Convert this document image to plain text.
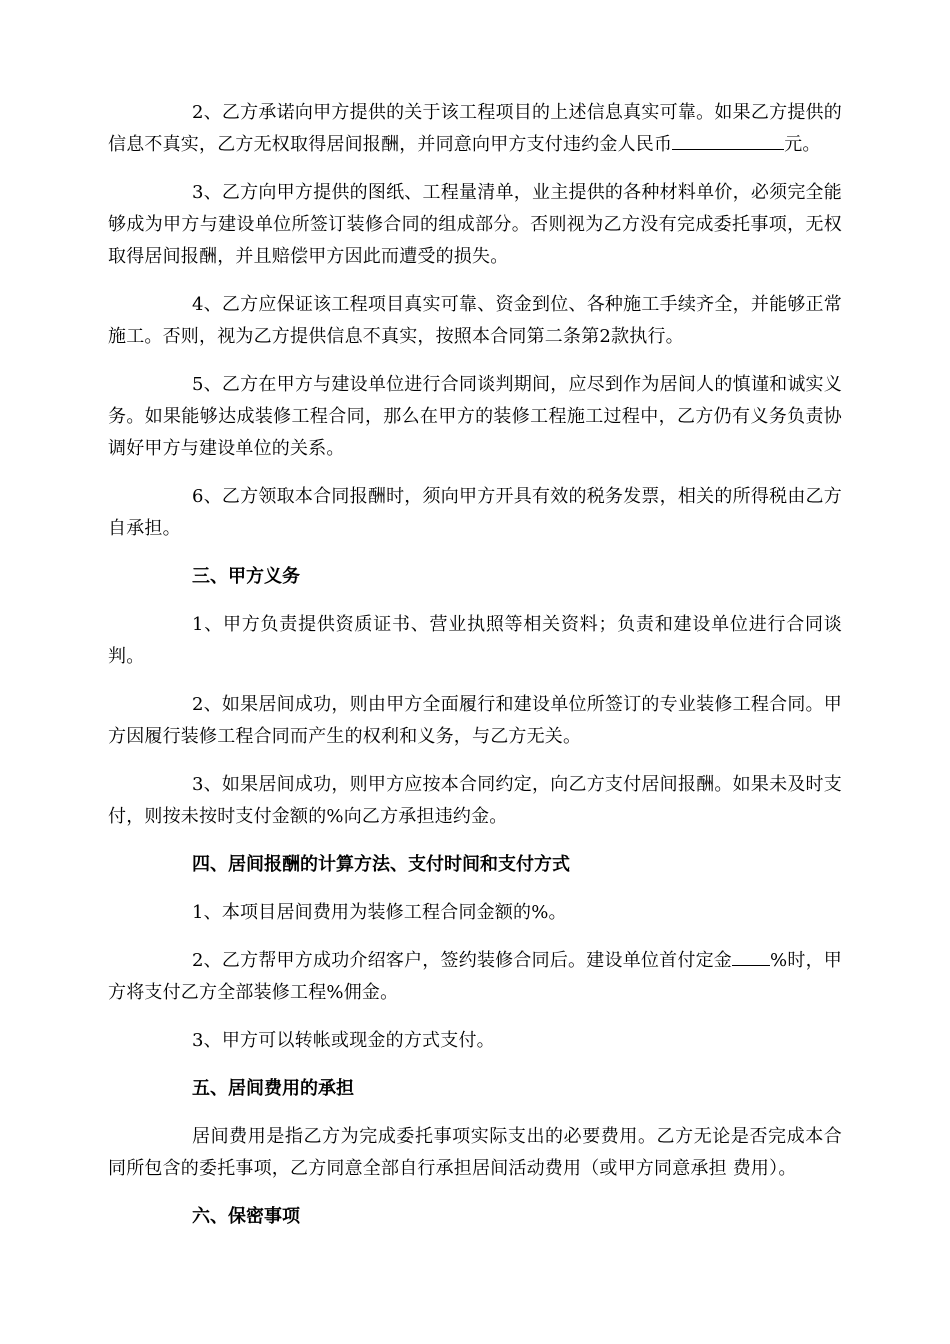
2、乙方承诺向甲方提供的关于该工程项目的上述信息真实可靠。如果乙方提供的信息不真实，乙方无权取得居间报酬，并同意向甲方支付违约金人民币	元。

3、乙方向甲方提供的图纸、工程量清单，业主提供的各种材料单价，必须完全能够成为甲方与建设单位所签订装修合同的组成部分。否则视为乙方没有完成委托事项，无权取得居间报酬，并且赔偿甲方因此而遭受的损失。

4、乙方应保证该工程项目真实可靠、资金到位、各种施工手续齐全，并能够正常施工。否则，视为乙方提供信息不真实，按照本合同第二条第2款执行。

5、乙方在甲方与建设单位进行合同谈判期间，应尽到作为居间人的慎谨和诚实义务。如果能够达成装修工程合同，那么在甲方的装修工程施工过程中，乙方仍有义务负责协调好甲方与建设单位的关系。

6、乙方领取本合同报酬时，须向甲方开具有效的税务发票，相关的所得税由乙方自承担。

三、甲方义务

1、甲方负责提供资质证书、营业执照等相关资料；负责和建设单位进行合同谈判。

2、如果居间成功，则由甲方全面履行和建设单位所签订的专业装修工程合同。甲方因履行装修工程合同而产生的权利和义务，与乙方无关。

3、如果居间成功，则甲方应按本合同约定，向乙方支付居间报酬。如果未及时支付，则按未按时支付金额的%向乙方承担违约金。

四、居间报酬的计算方法、支付时间和支付方式

1、本项目居间费用为装修工程合同金额的%。

2、乙方帮甲方成功介绍客户，签约装修合同后。建设单位首付定金 %时，甲方将支付乙方全部装修工程%佣金。

3、甲方可以转帐或现金的方式支付。

五、居间费用的承担

居间费用是指乙方为完成委托事项实际支出的必要费用。乙方无论是否完成本合同所包含的委托事项，乙方同意全部自行承担居间活动费用（或甲方同意承担 费用）。

六、保密事项
